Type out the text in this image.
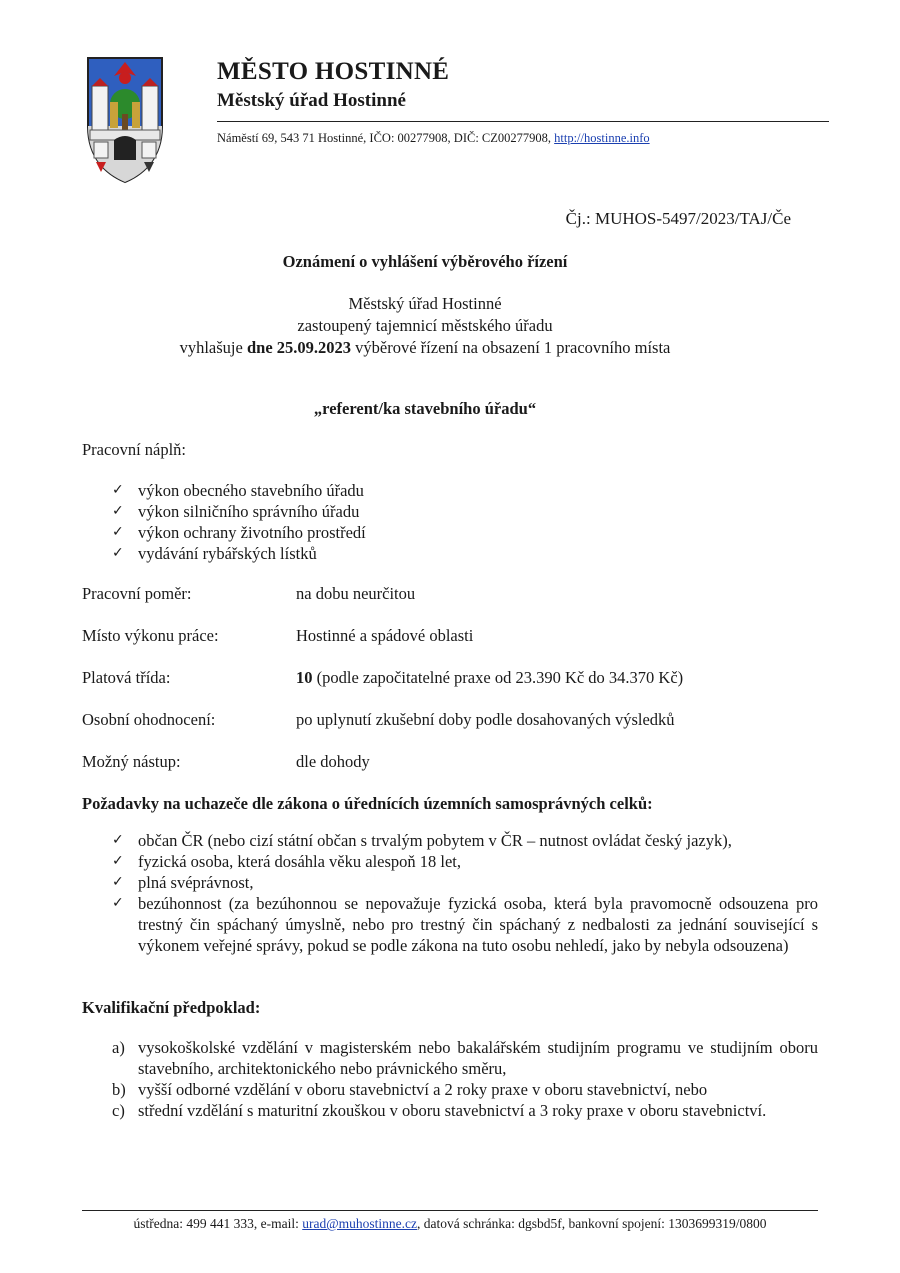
MĚSTO HOSTINNÉ
Městský úřad Hostinné
Náměstí 69, 543 71 Hostinné, IČO: 00277908, DIČ: CZ00277908, http://hostinne.info
Čj.: MUHOS-5497/2023/TAJ/Če
Oznámení o vyhlášení výběrového řízení
Městský úřad Hostinné
zastoupený tajemnicí městského úřadu
vyhlašuje dne 25.09.2023 výběrové řízení na obsazení 1 pracovního místa
„referent/ka stavebního úřadu“
Pracovní náplň:
✓ výkon obecného stavebního úřadu
✓ výkon silničního správního úřadu
✓ výkon ochrany životního prostředí
✓ vydávání rybářských lístků
Pracovní poměr:	na dobu neurčitou
Místo výkonu práce:	Hostinné a spádové oblasti
Platová třída:	10 (podle započitatelné praxe od 23.390 Kč do 34.370 Kč)
Osobní ohodnocení:	po uplynutí zkušební doby podle dosahovaných výsledků
Možný nástup:	dle dohody
Požadavky na uchazeče dle zákona o úřednících územních samosprávných celků:
✓ občan ČR (nebo cizí státní občan s trvalým pobytem v ČR – nutnost ovládat český jazyk),
✓ fyzická osoba, která dosáhla věku alespoň 18 let,
✓ plná svéprávnost,
✓ bezúhonnost (za bezúhonnou se nepovažuje fyzická osoba, která byla pravomocně odsouzena pro trestný čin spáchaný úmyslně, nebo pro trestný čin spáchaný z nedbalosti za jednání související s výkonem veřejné správy, pokud se podle zákona na tuto osobu nehledí, jako by nebyla odsouzena)
Kvalifikační předpoklad:
a) vysokoškolské vzdělání v magisterském nebo bakalářském studijním programu ve studijním oboru stavebního, architektonického nebo právnického směru,
b) vyšší odborné vzdělání v oboru stavebnictví a 2 roky praxe v oboru stavebnictví, nebo
c) střední vzdělání s maturitní zkouškou v oboru stavebnictví a 3 roky praxe v oboru stavebnictví.
ústředna: 499 441 333, e-mail: urad@muhostinne.cz, datová schránka: dgsbd5f, bankovní spojení: 1303699319/0800
